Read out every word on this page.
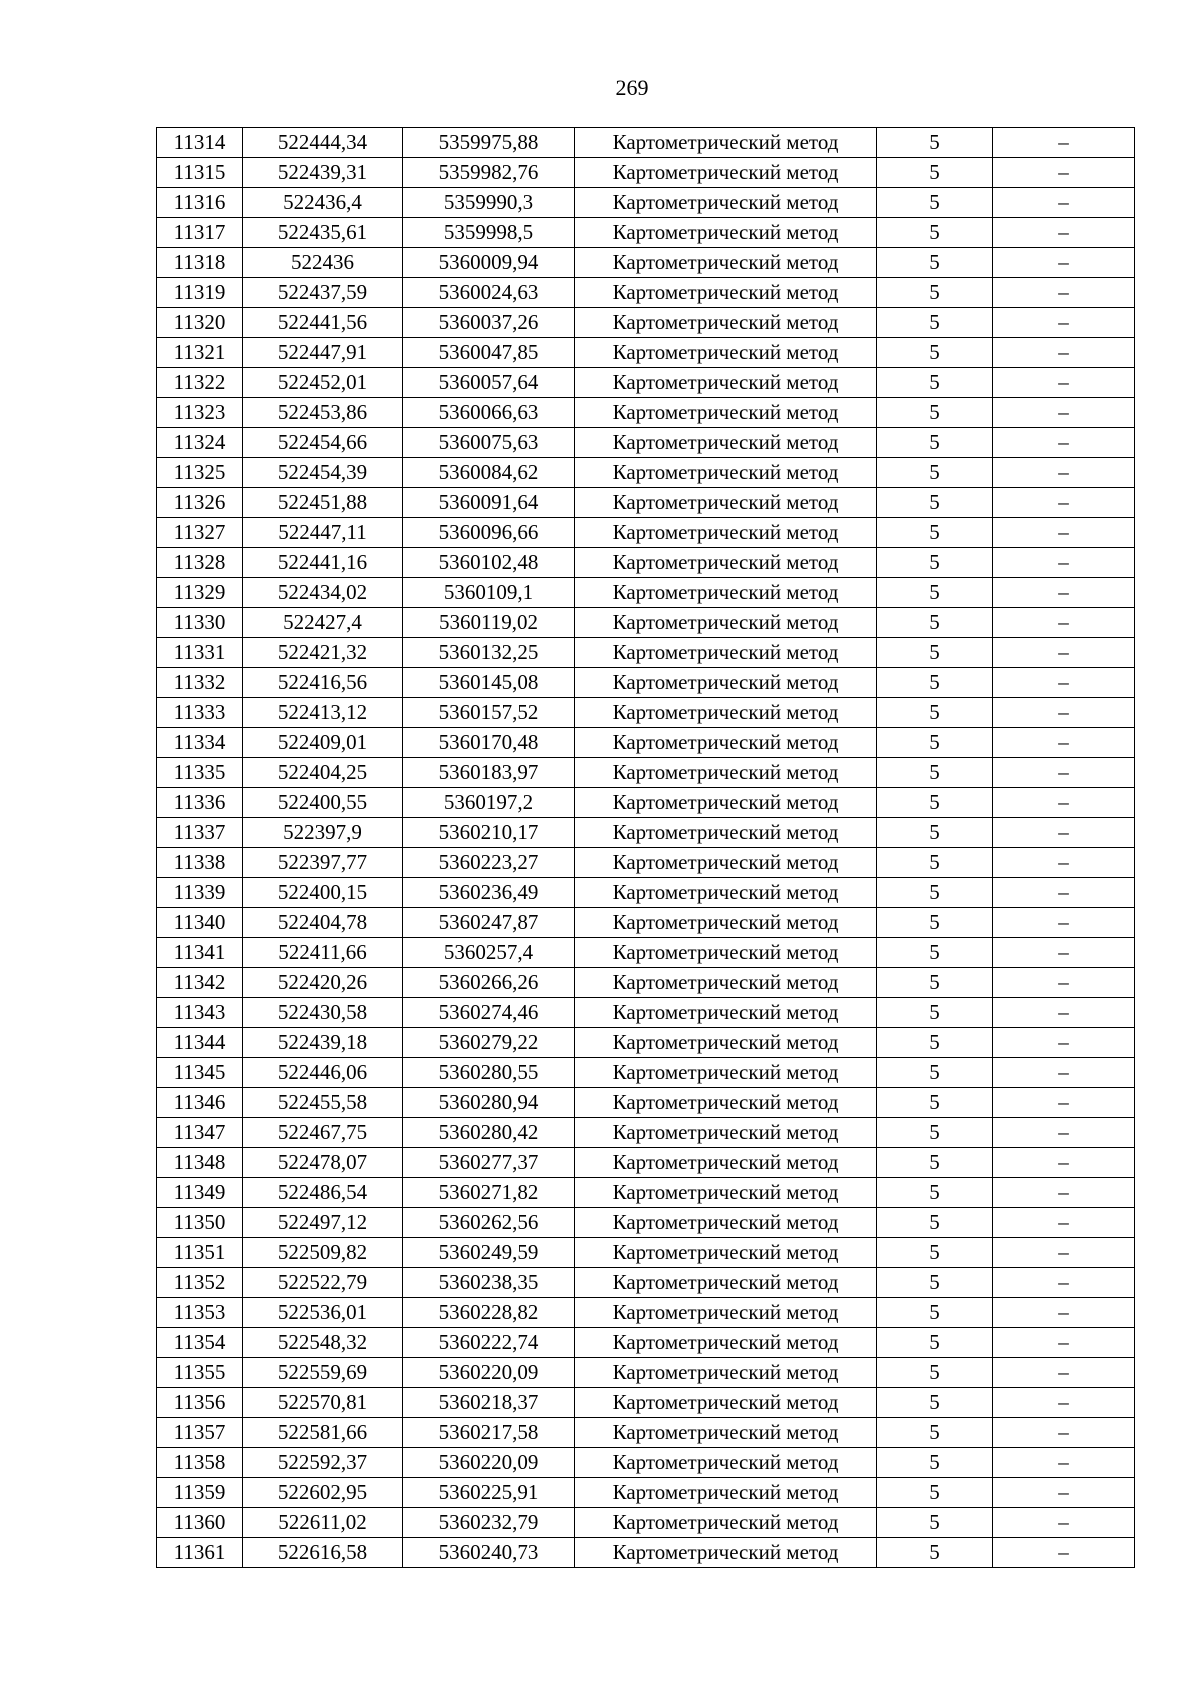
269
11314	522444,34	5359975,88	Картометрический метод	5	–
11315	522439,31	5359982,76	Картометрический метод	5	–
11316	522436,4	5359990,3	Картометрический метод	5	–
11317	522435,61	5359998,5	Картометрический метод	5	–
11318	522436	5360009,94	Картометрический метод	5	–
11319	522437,59	5360024,63	Картометрический метод	5	–
11320	522441,56	5360037,26	Картометрический метод	5	–
11321	522447,91	5360047,85	Картометрический метод	5	–
11322	522452,01	5360057,64	Картометрический метод	5	–
11323	522453,86	5360066,63	Картометрический метод	5	–
11324	522454,66	5360075,63	Картометрический метод	5	–
11325	522454,39	5360084,62	Картометрический метод	5	–
11326	522451,88	5360091,64	Картометрический метод	5	–
11327	522447,11	5360096,66	Картометрический метод	5	–
11328	522441,16	5360102,48	Картометрический метод	5	–
11329	522434,02	5360109,1	Картометрический метод	5	–
11330	522427,4	5360119,02	Картометрический метод	5	–
11331	522421,32	5360132,25	Картометрический метод	5	–
11332	522416,56	5360145,08	Картометрический метод	5	–
11333	522413,12	5360157,52	Картометрический метод	5	–
11334	522409,01	5360170,48	Картометрический метод	5	–
11335	522404,25	5360183,97	Картометрический метод	5	–
11336	522400,55	5360197,2	Картометрический метод	5	–
11337	522397,9	5360210,17	Картометрический метод	5	–
11338	522397,77	5360223,27	Картометрический метод	5	–
11339	522400,15	5360236,49	Картометрический метод	5	–
11340	522404,78	5360247,87	Картометрический метод	5	–
11341	522411,66	5360257,4	Картометрический метод	5	–
11342	522420,26	5360266,26	Картометрический метод	5	–
11343	522430,58	5360274,46	Картометрический метод	5	–
11344	522439,18	5360279,22	Картометрический метод	5	–
11345	522446,06	5360280,55	Картометрический метод	5	–
11346	522455,58	5360280,94	Картометрический метод	5	–
11347	522467,75	5360280,42	Картометрический метод	5	–
11348	522478,07	5360277,37	Картометрический метод	5	–
11349	522486,54	5360271,82	Картометрический метод	5	–
11350	522497,12	5360262,56	Картометрический метод	5	–
11351	522509,82	5360249,59	Картометрический метод	5	–
11352	522522,79	5360238,35	Картометрический метод	5	–
11353	522536,01	5360228,82	Картометрический метод	5	–
11354	522548,32	5360222,74	Картометрический метод	5	–
11355	522559,69	5360220,09	Картометрический метод	5	–
11356	522570,81	5360218,37	Картометрический метод	5	–
11357	522581,66	5360217,58	Картометрический метод	5	–
11358	522592,37	5360220,09	Картометрический метод	5	–
11359	522602,95	5360225,91	Картометрический метод	5	–
11360	522611,02	5360232,79	Картометрический метод	5	–
11361	522616,58	5360240,73	Картометрический метод	5	–
